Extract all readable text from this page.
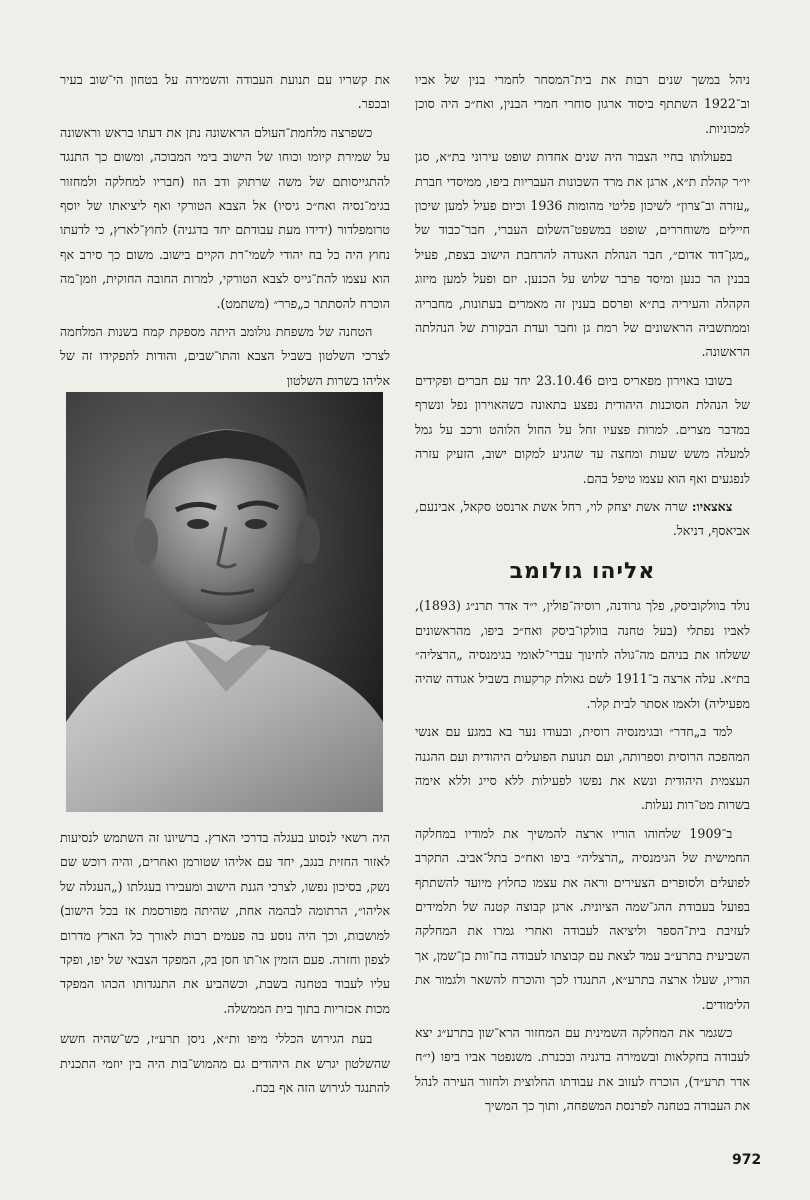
ניהל במשך שנים רבות את בית־המסחר לחמרי בנין של אביו וב־1922 השתתף ביסוד ארגון סוחרי חמרי הבנין, ואח״כ היה סוכן למכוניות.

בפעולותו בחיי הצבור היה שנים אחדות שופט עירוני בת״א, סגן יו״ר קהלת ת״א, ארגן את מרד השכונות העבריות ביפו, ממיסדי חברת „עזרה וב־צרון״ לשיכון פליטי מהומות 1936 וכיום פעיל למען שיכון חיילים משוחררים, שופט במשפט־השלום העברי, חבר־כבוד של „מגן־דוד אדום״, חבר הנהלת האגודה להרחבת הישוב בצפת, פעיל בבנין הר כנען ומיסד פרבר שלוש על הכנען. יזם ופעל למען מיזוג הקהלה והעיריה בת״א ופרסם בענין זה מאמרים בעתונות, מחבריה וממתשביה הראשונים של רמת גן וחבר ועדת הבקורת של הנהלתה הראשונה.

בשובו באוירון מפאריס ביום 23.10.46 יחד עם חברים ופקידים של הנהלת הסוכנות היהודית נפצע בתאונה כשהאוירון נפל ונשרף במדבר מצרים. למרות פצעיו זחל על החול הלוהט ורכב על גמל למעלה משש שעות ומחצה עד שהגיע למקום ישוב, הזעיק עזרה לנפגעים ואף הוא עצמו טיפל בהם.

צאצאיו: שרה אשת יצחק לוי, רחל אשת ארנסט סקאל, אבינעם, אביאסף, דניאל.

אליהו גולומב

נולד בוולקוביסק, פלך גרודנה, רוסיה־פולין, י״ד אדר תרנ״ג (1893), לאביו נפתלי (בעל טחנה בוולקו־ביסק ואח״כ ביפו, מהראשונים ששלחו את בניהם מה־גולה לחינוך עברי־לאומי בגימנסיה „הרצליה״ בת״א. עלה ארצה ב־1911 לשם גאולת קרקעות בשביל אגודה שהיה מפעיליה) ולאמו אסתר לבית קלר.

למד ב„חדר״ ובגימנסיה רוסית, ובעודו נער בא במגע עם אנשי המהפכה הרוסית וספרותה, ועם תנועת הפועלים היהודית ועם ההגנה העצמית היהודית ונשא את נפשו לפעילות ללא סייג וללא אימה בשרות מט־רות נעלות.

ב־1909 שלחוהו הוריו ארצה להמשיך את למודיו במחלקה החמישית של הגימנסיה „הרצליה״ ביפו ואח״כ בתל־אביב. התקרב לפועלים ולסופרים הצעירים וראה את עצמו כחלוץ מיועד להשתתף בפועל בעבודת ההג־שמה הציונית. ארגן קבוצה קטנה של תלמידים לעזיבת בית־הספר וליציאה לעבודה ואחרי גמרו את המחלקה השביעית בתרע״ב עמד לצאת עם קבוצתו לעבודה בח־וות בן־שמן, אך הוריו, שעלו ארצה בתרע״א, התנגדו לכך והוכרח להשאר ולגמור את הלימודים.

כשגמר את המחלקה השמינית עם המחזור הרא־שון בתרע״ג יצא לעבודה בחקלאות ובשמירה בדגניה ובכנרת. משנפטר אביו ביפו (י״ח אדר תרע״ד), הוכרח לעזוב את עבודתו החלוצית ולחזור העירה לנהל את העבודה בטחנה לפרנסת המשפחה, ותוך כך המשיך

את קשריו עם תנועת העבודה והשמירה על בטחון הי־שוב בעיר ובכפר.

כשפרצה מלחמת־העולם הראשונה נתן את דעתו בראש וראשונה על שמירת קיומו וכוחו של הישוב בימי המבוכה, ומשום כך התנגד להתגייסותם של משה שרתוק ודב הוז (חבריו למחלקה ולמחזור בגימ־נסיה ואח״כ גיסיו) אל הצבא הטורקי ואף ליציאתו של יוסף טרומפלדור (ידידו מעת עבודתם יחד בדגניה) לחוץ־לארץ, כי לדעתו נחוץ היה כל בח יהודי לשמי־רת הקיים בישוב. משום כך סירב אף הוא עצמו להת־גייס לצבא הטורקי, למרות החובה החוקית, וזמן־מה הוכרח להסתתר כ„פרר״ (משתמט).

הטחנה של משפחת גולומב היתה מספקת קמח בשנות המלחמה לצרכי השלטון בשביל הצבא והתו־שבים, והודות לתפקידו זה של אליהו בשרות השלטון

היה רשאי לנסוע בעגלה בדרכי הארץ. ברשיונו זה השתמש לנסיעות לאזור החזית בנגב, יחד עם אליהו שטורמן ואחרים, והיה רוכש שם נשק, בסיכון נפשו, לצרכי הגנת הישוב ומעבירו בעגלתו („העגלה של אליהו״, הרתומה לבהמה אחת, שהיתה מפורסמת אז בכל הישוב) למושבות, וכך היה נוסע בה פעמים רבות לאורך כל הארץ מדרום לצפון וחזרה. פעם הזמין או־תו חסן בק, המפקד הצבאי של יפו, ופקד עליו לעבוד בטחנה בשבת, וכשהביע את התנגדותו הכהו המפקד מכות אכזריות בתוך בית הממשלה.

בעת הגירוש הכללי מיפו ות״א, ניסן תרע״ז, כש־שהיה חשש שהשלטון יגרש את היהודים גם מהמוש־בות היה בין יוזמי התכנית להתנגד לגירוש הזה אף בכח.

972
